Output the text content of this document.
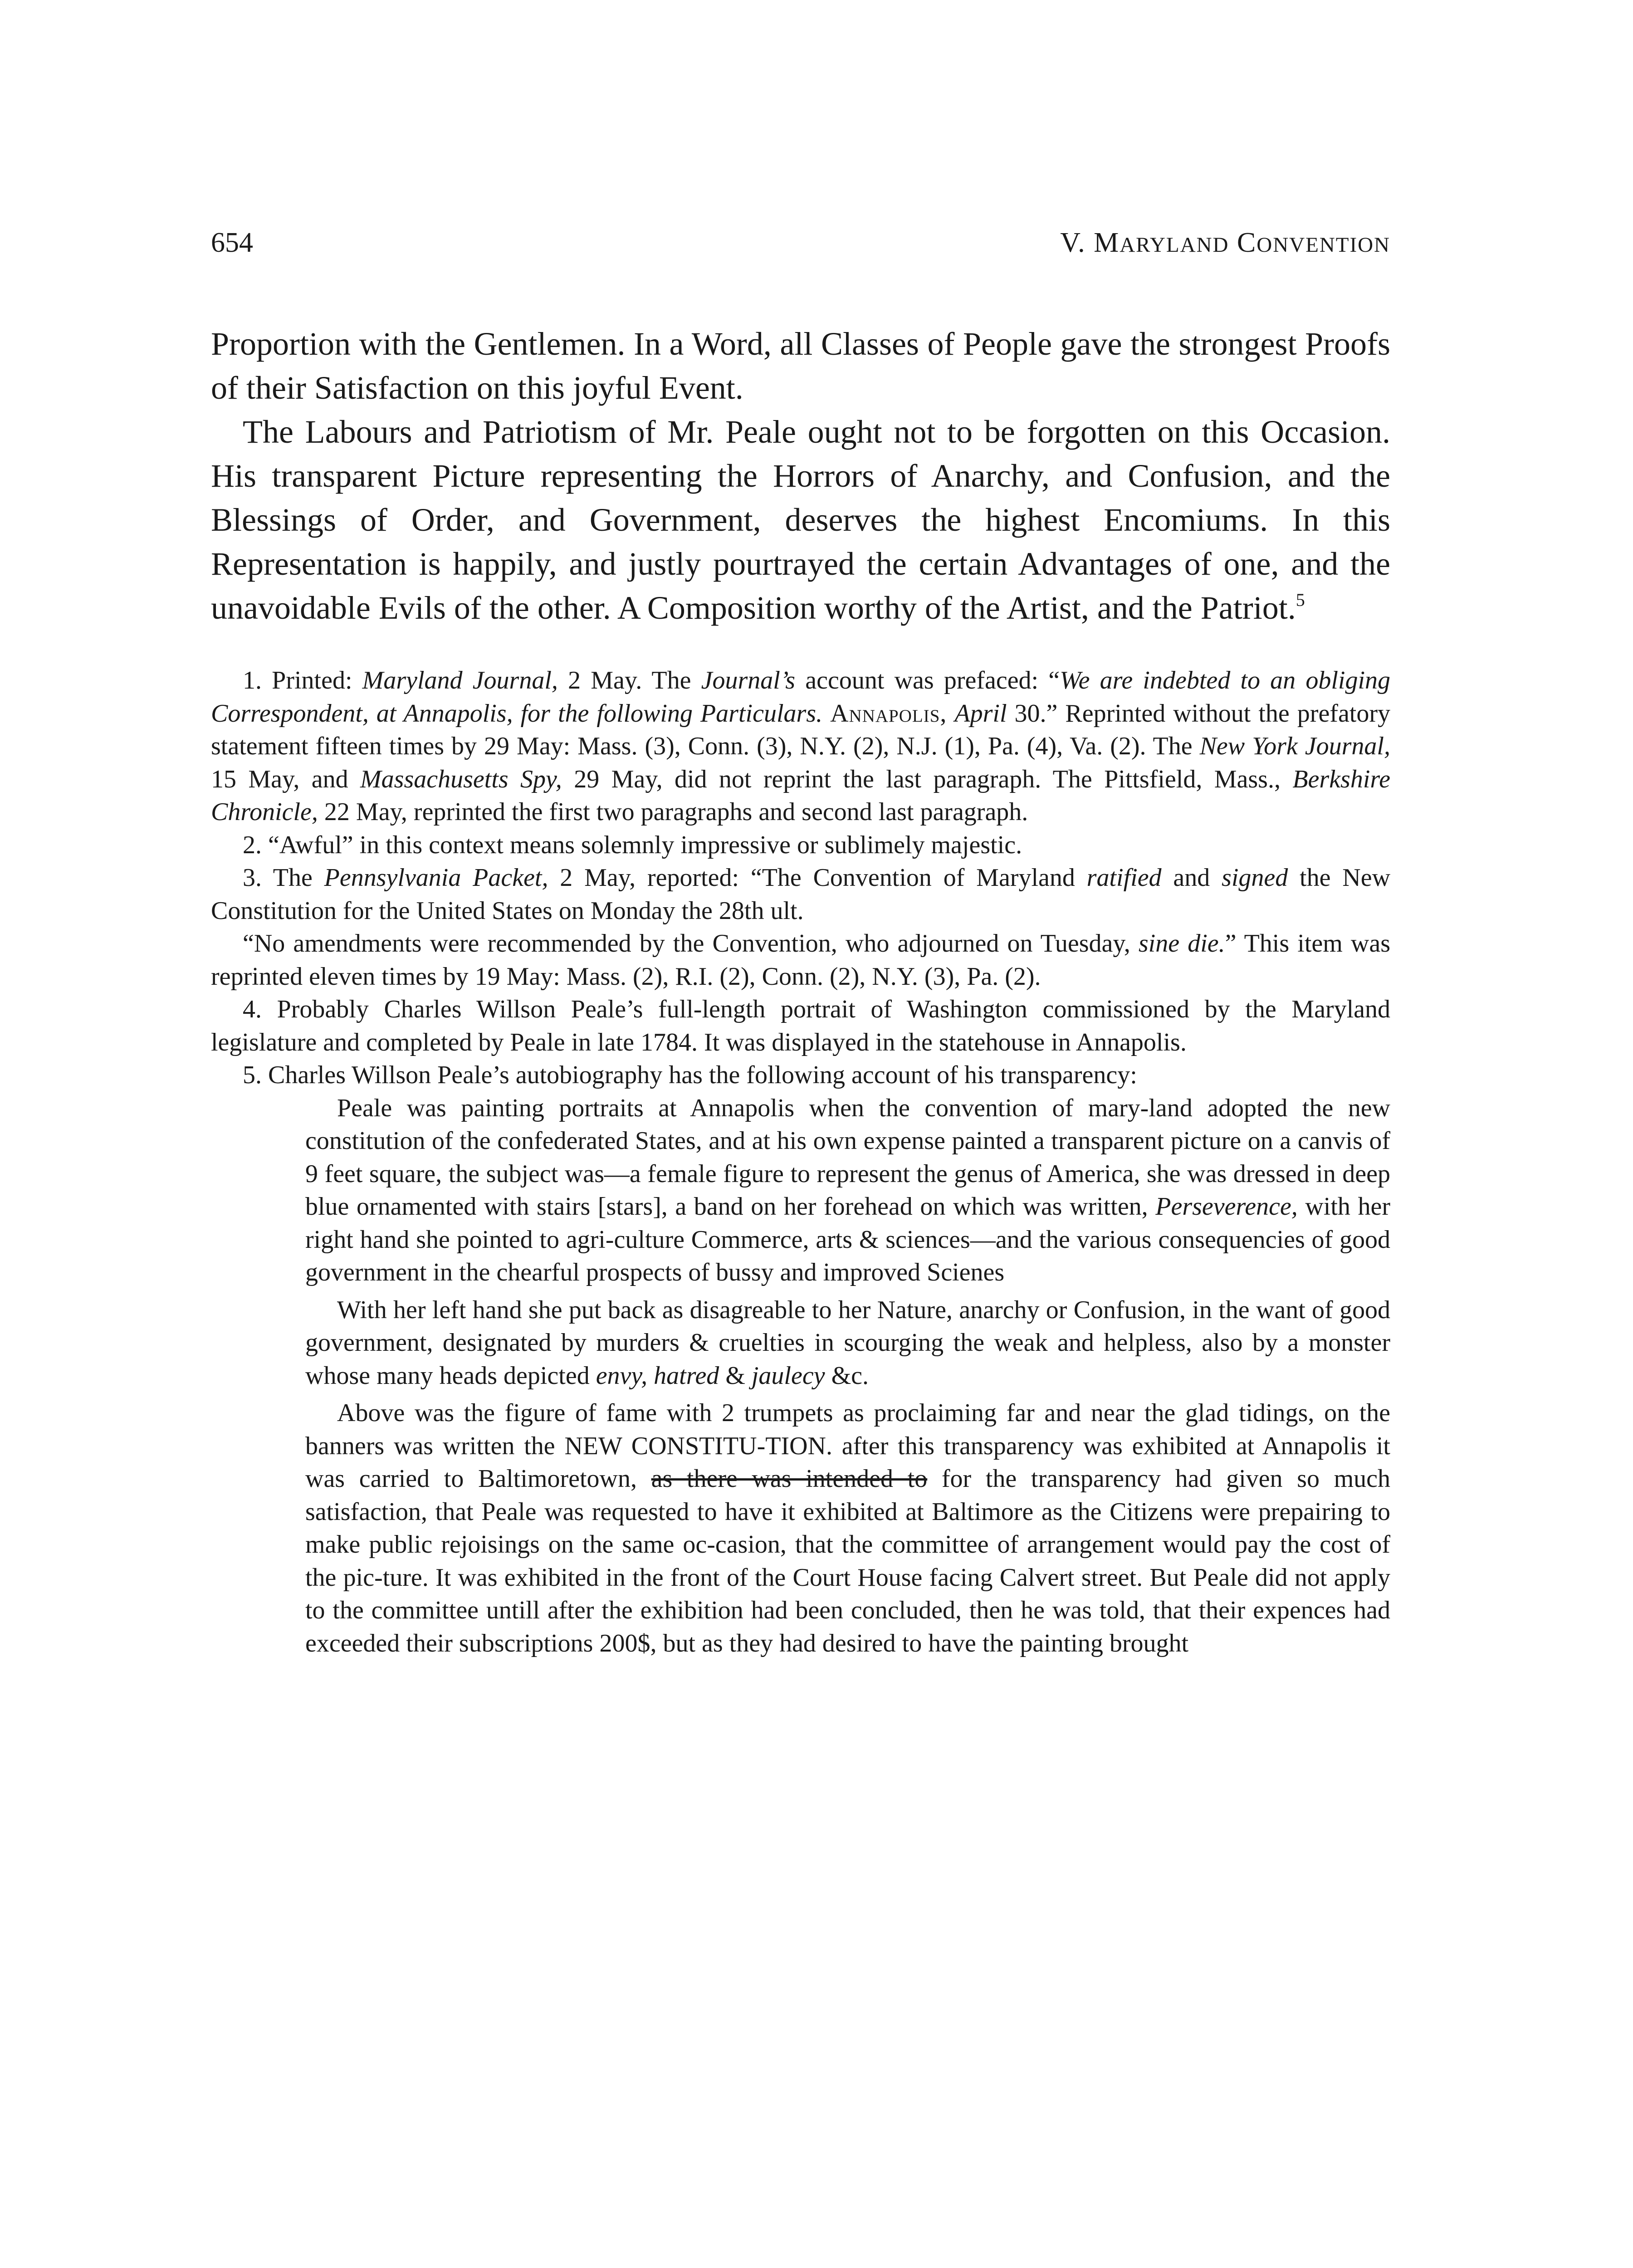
654	V. MARYLAND CONVENTION

Proportion with the Gentlemen. In a Word, all Classes of People gave the strongest Proofs of their Satisfaction on this joyful Event.

The Labours and Patriotism of Mr. Peale ought not to be forgotten on this Occasion. His transparent Picture representing the Horrors of Anarchy, and Confusion, and the Blessings of Order, and Government, deserves the highest Encomiums. In this Representation is happily, and justly pourtrayed the certain Advantages of one, and the unavoidable Evils of the other. A Composition worthy of the Artist, and the Patriot.$^5$

1. Printed: Maryland Journal, 2 May. The Journal’s account was prefaced: “We are indebted to an obliging Correspondent, at Annapolis, for the following Particulars. Annapolis, April 30.” Reprinted without the prefatory statement fifteen times by 29 May: Mass. (3), Conn. (3), N.Y. (2), N.J. (1), Pa. (4), Va. (2). The New York Journal, 15 May, and Massachusetts Spy, 29 May, did not reprint the last paragraph. The Pittsfield, Mass., Berkshire Chronicle, 22 May, reprinted the first two paragraphs and second last paragraph.

2. “Awful” in this context means solemnly impressive or sublimely majestic.

3. The Pennsylvania Packet, 2 May, reported: “The Convention of Maryland ratified and signed the New Constitution for the United States on Monday the 28th ult.

“No amendments were recommended by the Convention, who adjourned on Tuesday, sine die.” This item was reprinted eleven times by 19 May: Mass. (2), R.I. (2), Conn. (2), N.Y. (3), Pa. (2).

4. Probably Charles Willson Peale’s full-length portrait of Washington commissioned by the Maryland legislature and completed by Peale in late 1784. It was displayed in the statehouse in Annapolis.

5. Charles Willson Peale’s autobiography has the following account of his transparency:

Peale was painting portraits at Annapolis when the convention of mary-land adopted the new constitution of the confederated States, and at his own expense painted a transparent picture on a canvis of 9 feet square, the subject was—a female figure to represent the genus of America, she was dressed in deep blue ornamented with stairs [stars], a band on her forehead on which was written, Perseverence, with her right hand she pointed to agri-culture Commerce, arts & sciences—and the various consequencies of good government in the chearful prospects of bussy and improved Scienes

With her left hand she put back as disagreable to her Nature, anarchy or Confusion, in the want of good government, designated by murders & cruelties in scourging the weak and helpless, also by a monster whose many heads depicted envy, hatred & jaulecy &c.

Above was the figure of fame with 2 trumpets as proclaiming far and near the glad tidings, on the banners was written the NEW CONSTITU-TION. after this transparency was exhibited at Annapolis it was carried to Baltimoretown, as there was intended to for the transparency had given so much satisfaction, that Peale was requested to have it exhibited at Baltimore as the Citizens were prepairing to make public rejoisings on the same oc-casion, that the committee of arrangement would pay the cost of the pic-ture. It was exhibited in the front of the Court House facing Calvert street. But Peale did not apply to the committee untill after the exhibition had been concluded, then he was told, that their expences had exceeded their subscriptions 200$, but as they had desired to have the painting brought
